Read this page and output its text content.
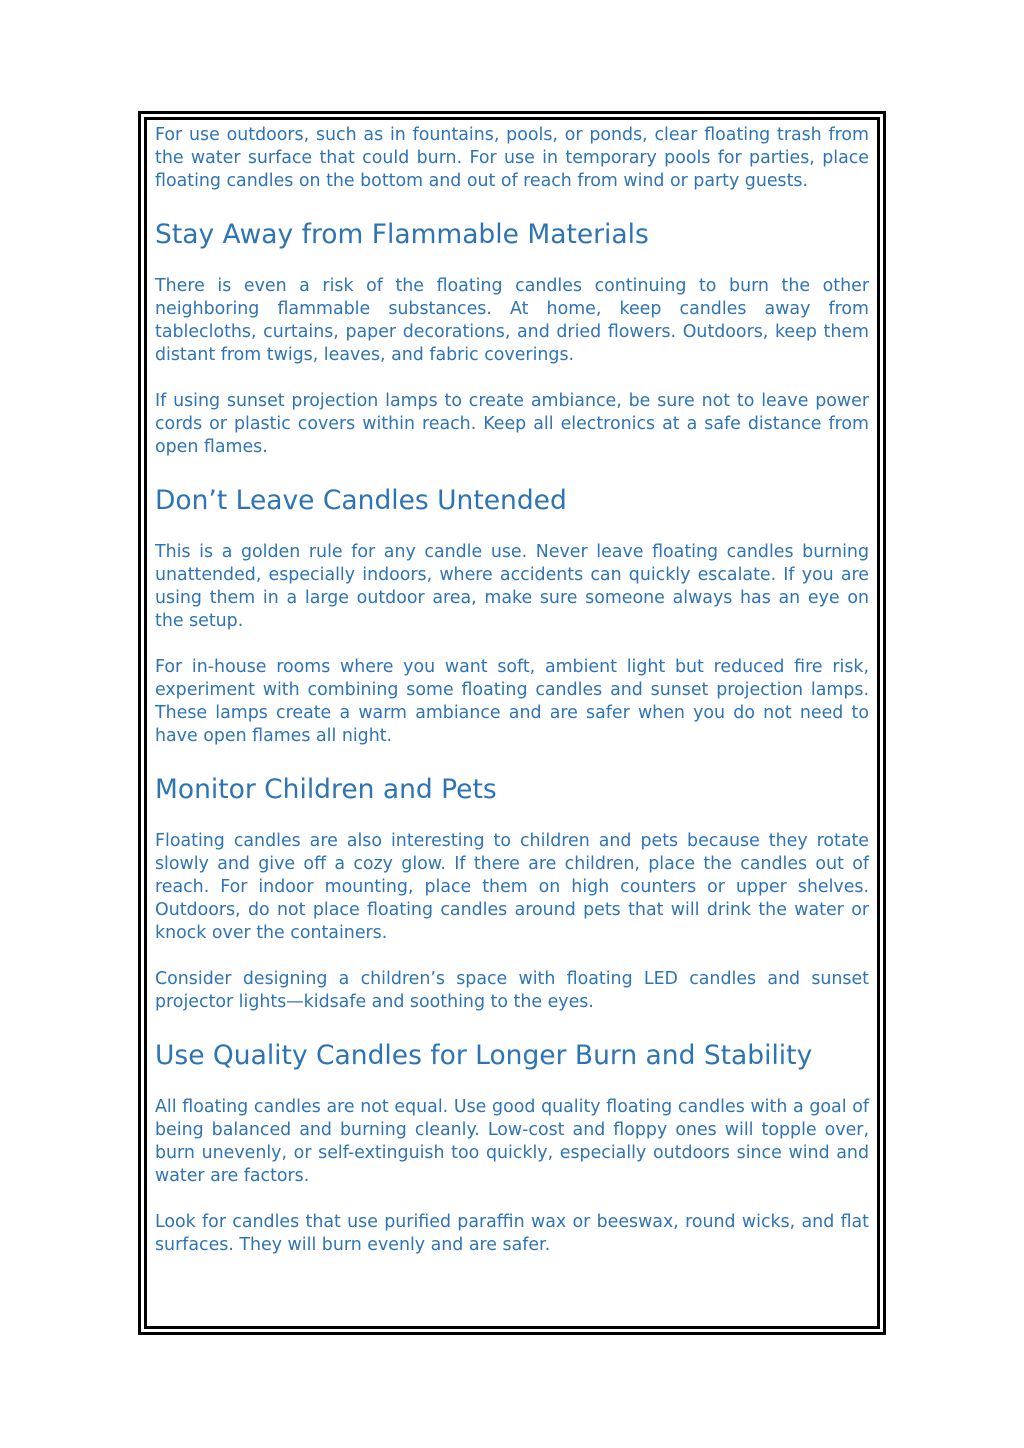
For use outdoors, such as in fountains, pools, or ponds, clear floating trash from the water surface that could burn. For use in temporary pools for parties, place floating candles on the bottom and out of reach from wind or party guests.

Stay Away from Flammable Materials

There is even a risk of the floating candles continuing to burn the other neighboring flammable substances. At home, keep candles away from tablecloths, curtains, paper decorations, and dried flowers. Outdoors, keep them distant from twigs, leaves, and fabric coverings.

If using sunset projection lamps to create ambiance, be sure not to leave power cords or plastic covers within reach. Keep all electronics at a safe distance from open flames.

Don’t Leave Candles Untended

This is a golden rule for any candle use. Never leave floating candles burning unattended, especially indoors, where accidents can quickly escalate. If you are using them in a large outdoor area, make sure someone always has an eye on the setup.

For in-house rooms where you want soft, ambient light but reduced fire risk, experiment with combining some floating candles and sunset projection lamps. These lamps create a warm ambiance and are safer when you do not need to have open flames all night.

Monitor Children and Pets

Floating candles are also interesting to children and pets because they rotate slowly and give off a cozy glow. If there are children, place the candles out of reach. For indoor mounting, place them on high counters or upper shelves. Outdoors, do not place floating candles around pets that will drink the water or knock over the containers.

Consider designing a children’s space with floating LED candles and sunset projector lights—kidsafe and soothing to the eyes.

Use Quality Candles for Longer Burn and Stability

All floating candles are not equal. Use good quality floating candles with a goal of being balanced and burning cleanly. Low-cost and floppy ones will topple over, burn unevenly, or self-extinguish too quickly, especially outdoors since wind and water are factors.

Look for candles that use purified paraffin wax or beeswax, round wicks, and flat surfaces. They will burn evenly and are safer.
